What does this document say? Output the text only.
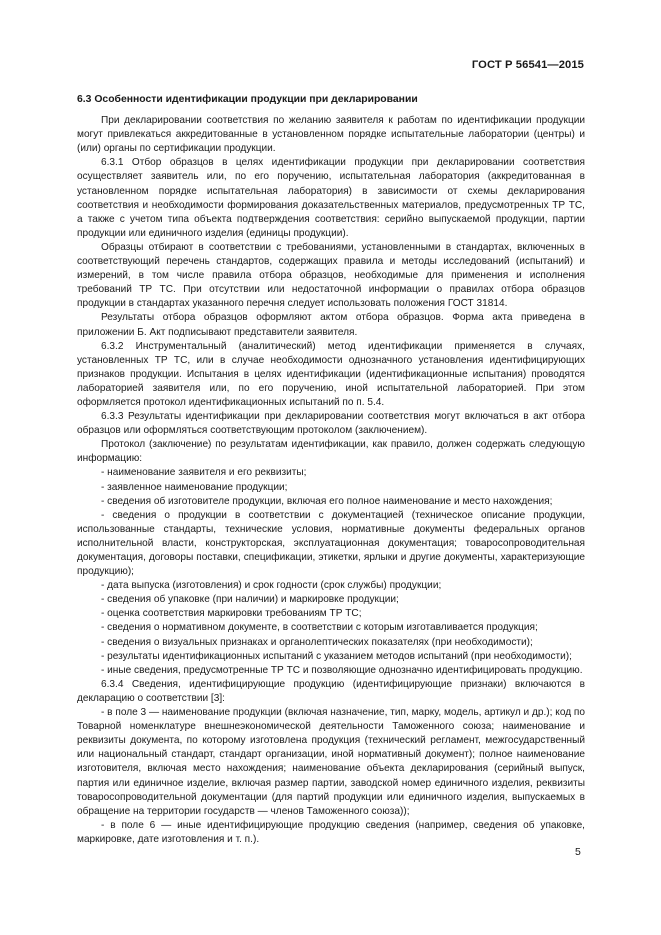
ГОСТ Р 56541—2015

6.3 Особенности идентификации продукции при декларировании

При декларировании соответствия по желанию заявителя к работам по идентификации продукции могут привлекаться аккредитованные в установленном порядке испытательные лаборатории (центры) и (или) органы по сертификации продукции.

6.3.1 Отбор образцов в целях идентификации продукции при декларировании соответствия осуществляет заявитель или, по его поручению, испытательная лаборатория (аккредитованная в установленном порядке испытательная лаборатория) в зависимости от схемы декларирования соответствия и необходимости формирования доказательственных материалов, предусмотренных ТР ТС, а также с учетом типа объекта подтверждения соответствия: серийно выпускаемой продукции, партии продукции или единичного изделия (единицы продукции).

Образцы отбирают в соответствии с требованиями, установленными в стандартах, включенных в соответствующий перечень стандартов, содержащих правила и методы исследований (испытаний) и измерений, в том числе правила отбора образцов, необходимые для применения и исполнения требований ТР ТС. При отсутствии или недостаточной информации о правилах отбора образцов продукции в стандартах указанного перечня следует использовать положения ГОСТ 31814.

Результаты отбора образцов оформляют актом отбора образцов. Форма акта приведена в приложении Б. Акт подписывают представители заявителя.

6.3.2 Инструментальный (аналитический) метод идентификации применяется в случаях, установленных ТР ТС, или в случае необходимости однозначного установления идентифицирующих признаков продукции. Испытания в целях идентификации (идентификационные испытания) проводятся лабораторией заявителя или, по его поручению, иной испытательной лабораторией. При этом оформляется протокол идентификационных испытаний по п. 5.4.

6.3.3 Результаты идентификации при декларировании соответствия могут включаться в акт отбора образцов или оформляться соответствующим протоколом (заключением).

Протокол (заключение) по результатам идентификации, как правило, должен содержать следующую информацию:

- наименование заявителя и его реквизиты;

- заявленное наименование продукции;

- сведения об изготовителе продукции, включая его полное наименование и место нахождения;

- сведения о продукции в соответствии с документацией (техническое описание продукции, использованные стандарты, технические условия, нормативные документы федеральных органов исполнительной власти, конструкторская, эксплуатационная документация; товаросопроводительная документация, договоры поставки, спецификации, этикетки, ярлыки и другие документы, характеризующие продукцию);

- дата выпуска (изготовления) и срок годности (срок службы) продукции;

- сведения об упаковке (при наличии) и маркировке продукции;

- оценка соответствия маркировки требованиям ТР ТС;

- сведения о нормативном документе, в соответствии с которым изготавливается продукция;

- сведения о визуальных признаках и органолептических показателях (при необходимости);

- результаты идентификационных испытаний с указанием методов испытаний (при необходимости);

- иные сведения, предусмотренные ТР ТС и позволяющие однозначно идентифицировать продукцию.

6.3.4 Сведения, идентифицирующие продукцию (идентифицирующие признаки) включаются в декларацию о соответствии [3]:

- в поле 3 — наименование продукции (включая назначение, тип, марку, модель, артикул и др.); код по Товарной номенклатуре внешнеэкономической деятельности Таможенного союза; наименование и реквизиты документа, по которому изготовлена продукция (технический регламент, межгосударственный или национальный стандарт, стандарт организации, иной нормативный документ); полное наименование изготовителя, включая место нахождения; наименование объекта декларирования (серийный выпуск, партия или единичное изделие, включая размер партии, заводской номер единичного изделия, реквизиты товаросопроводительной документации (для партий продукции или единичного изделия, выпускаемых в обращение на территории государств — членов Таможенного союза));

- в поле 6 — иные идентифицирующие продукцию сведения (например, сведения об упаковке, маркировке, дате изготовления и т. п.).

5
